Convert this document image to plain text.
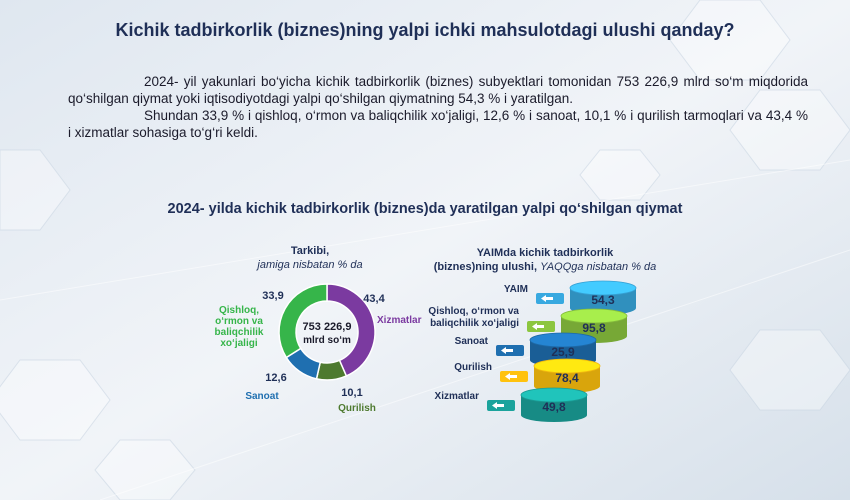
Kichik tadbirkorlik (biznes)ning yalpi ichki mahsulotdagi ulushi qanday?

2024- yil yakunlari bo‘yicha kichik tadbirkorlik (biznes) subyektlari tomonidan 753 226,9 mlrd so‘m miqdorida qo‘shilgan qiymat yoki iqtisodiyotdagi yalpi qo‘shilgan qiymatning 54,3 % i yaratilgan.

Shundan 33,9 % i qishloq, o‘rmon va baliqchilik xo‘jaligi, 12,6 % i sanoat, 10,1 % i qurilish tarmoqlari va 43,4 % i xizmatlar sohasiga to‘g‘ri keldi.

2024- yilda kichik tadbirkorlik (biznes)da yaratilgan yalpi qo‘shilgan qiymat
Tarkibi,
jamiga nisbatan % da
YAIMda kichik tadbirkorlik
(biznes)ning ulushi, YAQQga nisbatan % da
43,4
Xizmatlar
10,1
Qurilish
12,6
Sanoat
33,9
Qishloq,
o‘rmon va
baliqchilik
xo‘jaligi
753 226,9
mlrd so‘m
54,3
YAIM
95,8
Qishloq, o‘rmon va
baliqchilik xo‘jaligi
25,9
Sanoat
78,4
Qurilish
49,8
Xizmatlar
